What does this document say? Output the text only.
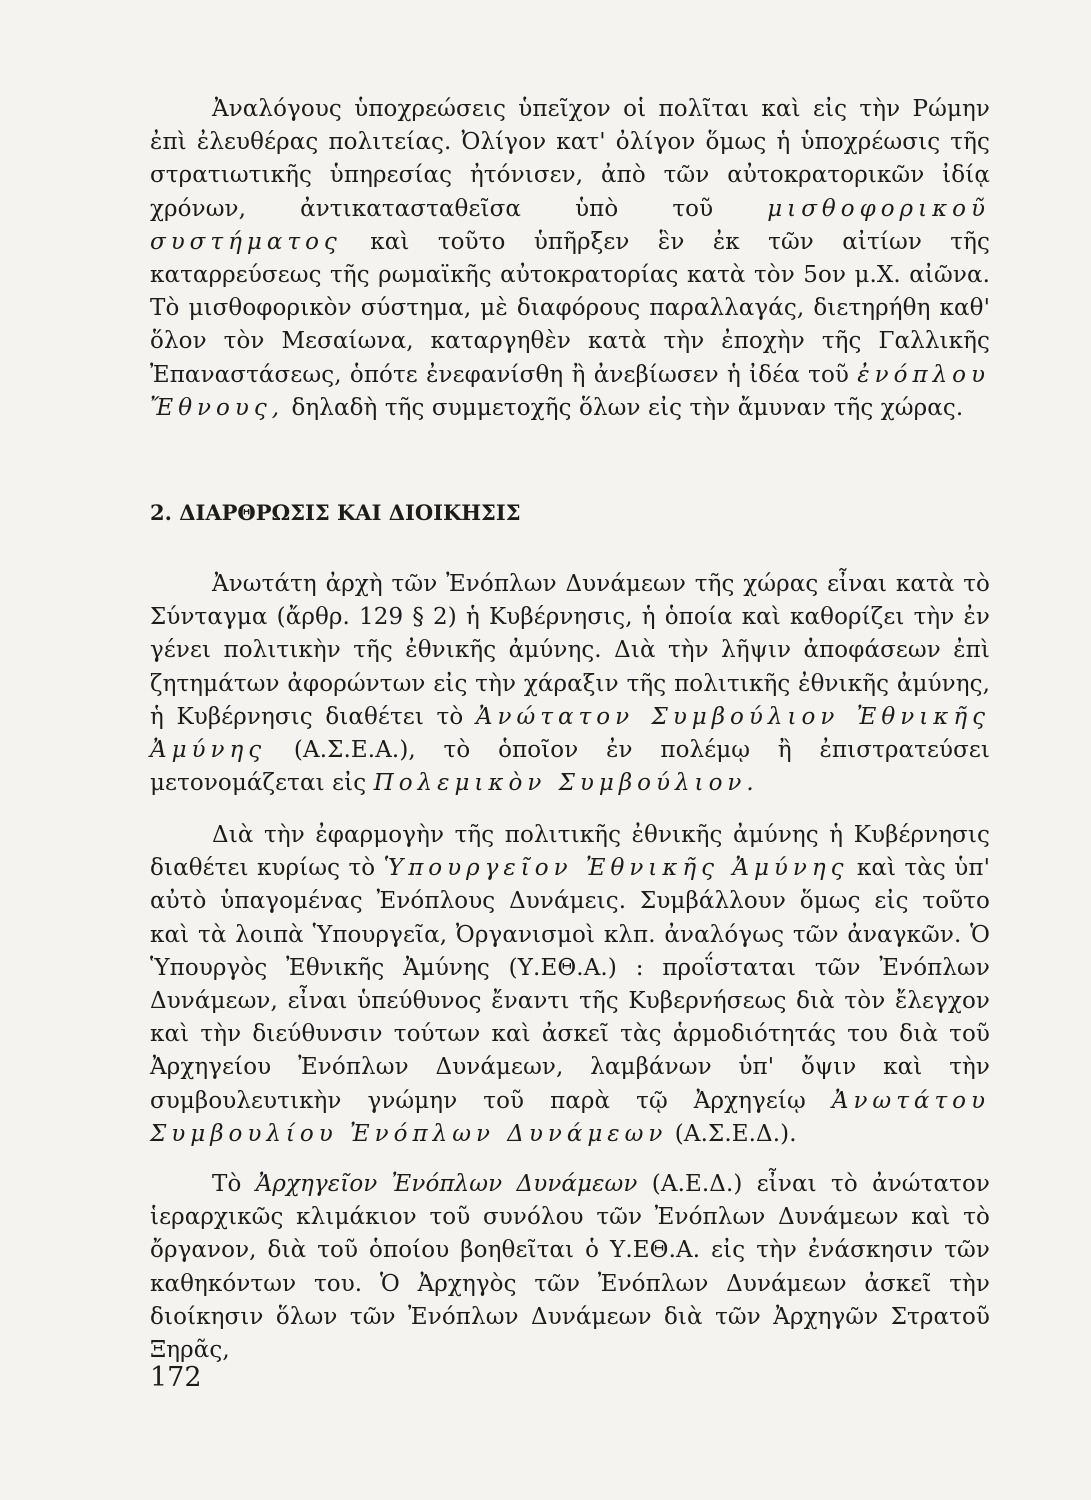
Ἀναλόγους ὑποχρεώσεις ὑπεῖχον οἱ πολῖται καὶ εἰς τὴν Ρώμην ἐπὶ ἐλευθέρας πολιτείας. Ὀλίγον κατ' ὀλίγον ὅμως ἡ ὑποχρέωσις τῆς στρατιωτικῆς ὑπηρεσίας ἠτόνισεν, ἀπὸ τῶν αὐτοκρατορικῶν ἰδίᾳ χρόνων, ἀντικατασταθεῖσα ὑπὸ τοῦ μισθοφορικοῦ συστήματος καὶ τοῦτο ὑπῆρξεν ἓν ἐκ τῶν αἰτίων τῆς καταρρεύσεως τῆς ρωμαϊκῆς αὐτοκρατορίας κατὰ τὸν 5ον μ.Χ. αἰῶνα. Τὸ μισθοφορικὸν σύστημα, μὲ διαφόρους παραλλαγάς, διετηρήθη καθ' ὅλον τὸν Μεσαίωνα, καταργηθὲν κατὰ τὴν ἐποχὴν τῆς Γαλλικῆς Ἐπαναστάσεως, ὁπότε ἐνεφανίσθη ἢ ἀνεβίωσεν ἡ ἰδέα τοῦ ἐνόπλου Ἔθνους, δηλαδὴ τῆς συμμετοχῆς ὅλων εἰς τὴν ἄμυναν τῆς χώρας.

2. ΔΙΑΡΘΡΩΣΙΣ ΚΑΙ ΔΙΟΙΚΗΣΙΣ

Ἀνωτάτη ἀρχὴ τῶν Ἐνόπλων Δυνάμεων τῆς χώρας εἶναι κατὰ τὸ Σύνταγμα (ἄρθρ. 129 § 2) ἡ Κυβέρνησις, ἡ ὁποία καὶ καθορίζει τὴν ἐν γένει πολιτικὴν τῆς ἐθνικῆς ἀμύνης. Διὰ τὴν λῆψιν ἀποφάσεων ἐπὶ ζητημάτων ἀφορώντων εἰς τὴν χάραξιν τῆς πολιτικῆς ἐθνικῆς ἀμύνης, ἡ Κυβέρνησις διαθέτει τὸ Ἀνώτατον Συμβούλιον Ἐθνικῆς Ἀμύνης (Α.Σ.Ε.Α.), τὸ ὁποῖον ἐν πολέμῳ ἢ ἐπιστρατεύσει μετονομάζεται εἰς Πολεμικὸν Συμβούλιον.

Διὰ τὴν ἐφαρμογὴν τῆς πολιτικῆς ἐθνικῆς ἀμύνης ἡ Κυβέρνησις διαθέτει κυρίως τὸ Ὑπουργεῖον Ἐθνικῆς Ἀμύνης καὶ τὰς ὑπ' αὐτὸ ὑπαγομένας Ἐνόπλους Δυνάμεις. Συμβάλλουν ὅμως εἰς τοῦτο καὶ τὰ λοιπὰ Ὑπουργεῖα, Ὀργανισμοὶ κλπ. ἀναλόγως τῶν ἀναγκῶν. Ὁ Ὑπουργὸς Ἐθνικῆς Ἀμύνης (Υ.ΕΘ.Α.) : προΐσταται τῶν Ἐνόπλων Δυνάμεων, εἶναι ὑπεύθυνος ἔναντι τῆς Κυβερνήσεως διὰ τὸν ἔλεγχον καὶ τὴν διεύθυνσιν τούτων καὶ ἀσκεῖ τὰς ἁρμοδιότητάς του διὰ τοῦ Ἀρχηγείου Ἐνόπλων Δυνάμεων, λαμβάνων ὑπ' ὄψιν καὶ τὴν συμβουλευτικὴν γνώμην τοῦ παρὰ τῷ Ἀρχηγείῳ Ἀνωτάτου Συμβουλίου Ἐνόπλων Δυνάμεων (Α.Σ.Ε.Δ.).

Τὸ Ἀρχηγεῖον Ἐνόπλων Δυνάμεων (Α.Ε.Δ.) εἶναι τὸ ἀνώτατον ἱεραρχικῶς κλιμάκιον τοῦ συνόλου τῶν Ἐνόπλων Δυνάμεων καὶ τὸ ὄργανον, διὰ τοῦ ὁποίου βοηθεῖται ὁ Υ.ΕΘ.Α. εἰς τὴν ἐνάσκησιν τῶν καθηκόντων του. Ὁ Ἀρχηγὸς τῶν Ἐνόπλων Δυνάμεων ἀσκεῖ τὴν διοίκησιν ὅλων τῶν Ἐνόπλων Δυνάμεων διὰ τῶν Ἀρχηγῶν Στρατοῦ Ξηρᾶς,

172
